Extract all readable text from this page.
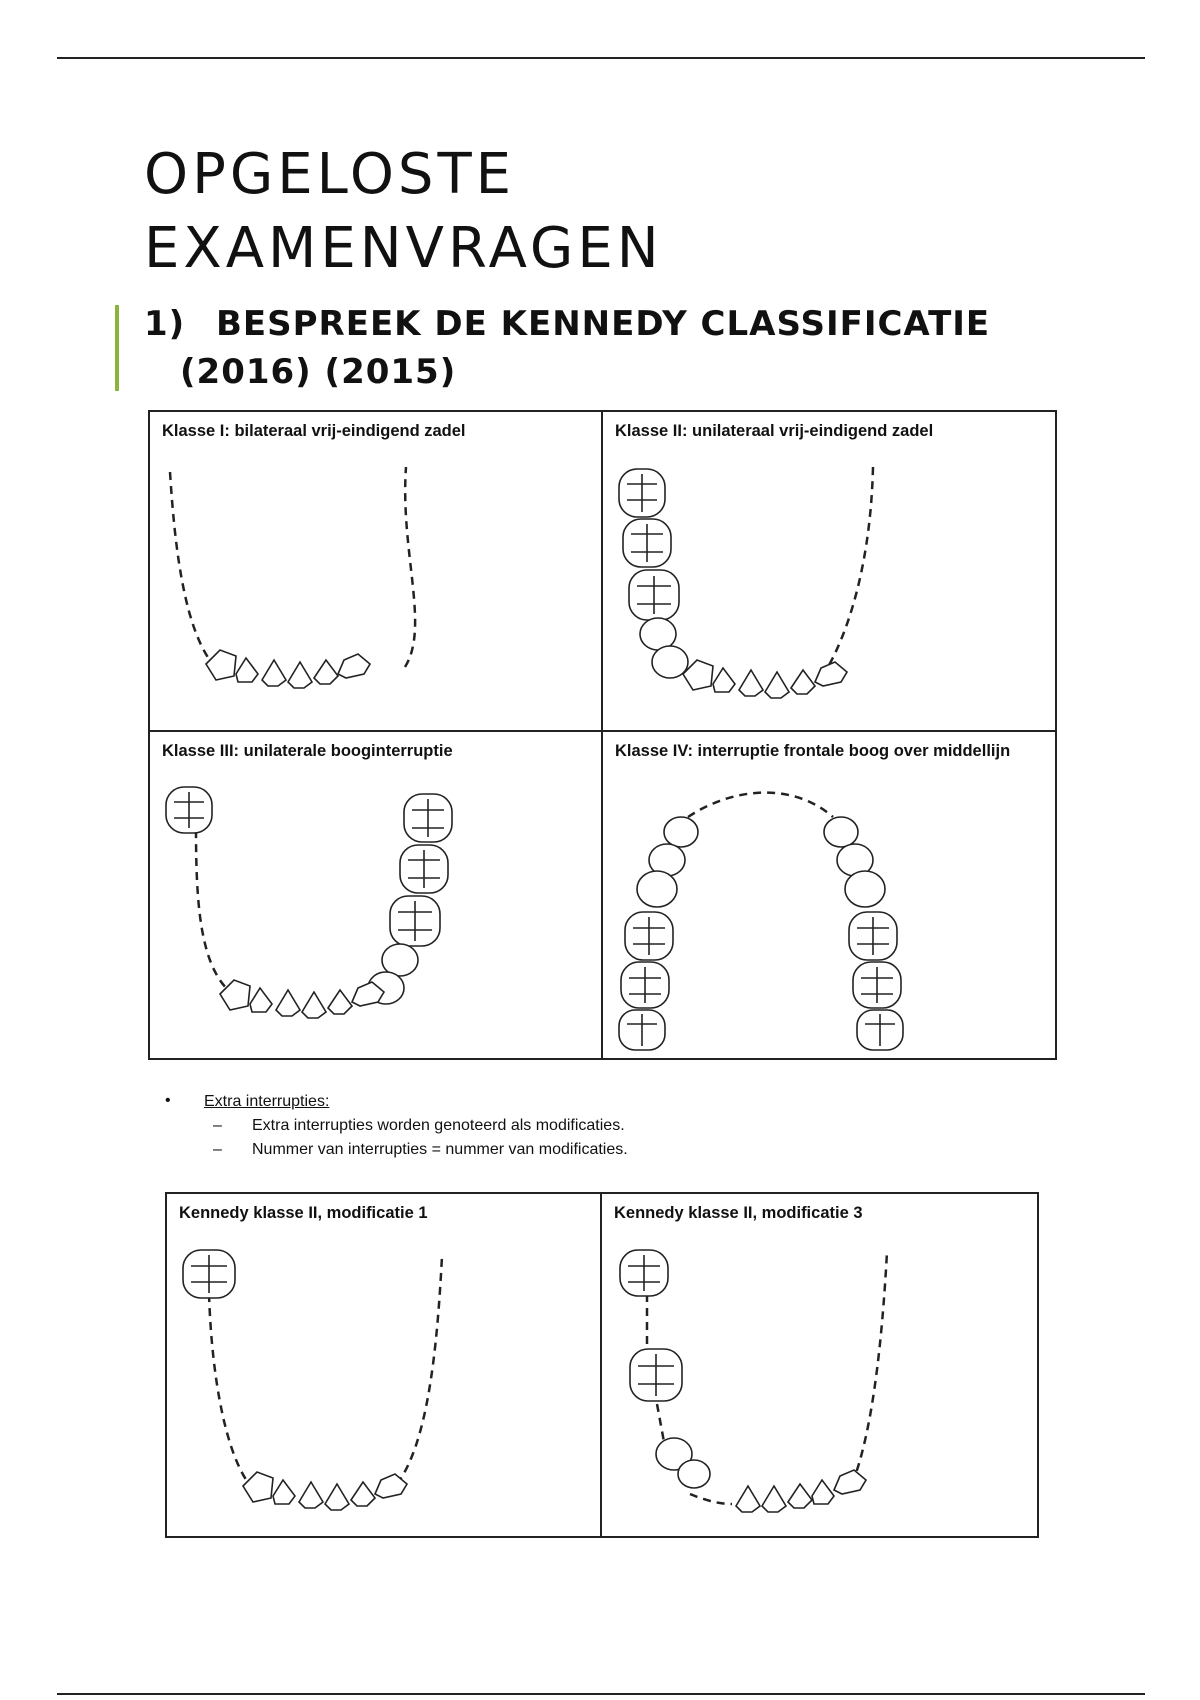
OPGELOSTE
EXAMENVRAGEN
1) BESPREEK DE KENNEDY CLASSIFICATIE
(2016) (2015)
Klasse I: bilateraal vrij-eindigend zadel	Klasse II: unilateraal vrij-eindigend zadel
Klasse III: unilaterale booginterruptie	Klasse IV: interruptie frontale boog over middellijn
• Extra interrupties:
– Extra interrupties worden genoteerd als modificaties.
– Nummer van interrupties = nummer van modificaties.
Kennedy klasse II, modificatie 1	Kennedy klasse II, modificatie 3
